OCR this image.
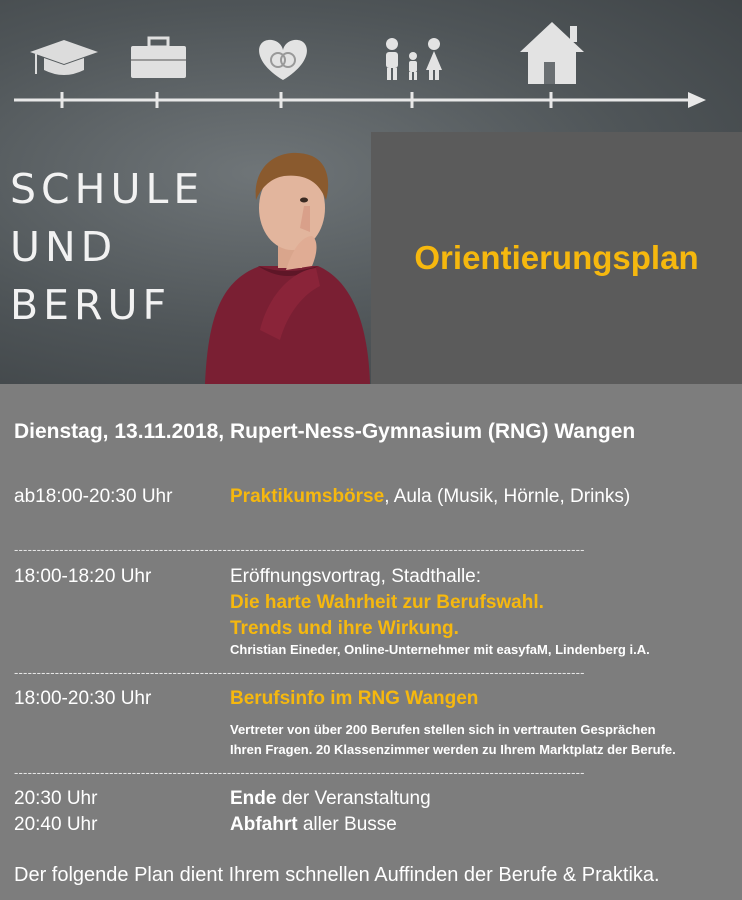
SCHULE
UND
BERUF
Orientierungsplan
Dienstag, 13.11.2018, Rupert-Ness-Gymnasium (RNG) Wangen
ab18:00-20:30 Uhr	Praktikumsbörse, Aula (Musik, Hörnle, Drinks)
------------------------------------------------------------------------------------------------------------------------------
18:00-18:20 Uhr	Eröffnungsvortrag, Stadthalle:
Die harte Wahrheit zur Berufswahl.
Trends und ihre Wirkung.
Christian Eineder, Online-Unternehmer mit easyfaM, Lindenberg i.A.
------------------------------------------------------------------------------------------------------------------------------
18:00-20:30 Uhr	Berufsinfo im RNG Wangen
Vertreter von über 200 Berufen stellen sich in vertrauten Gesprächen
Ihren Fragen. 20 Klassenzimmer werden zu Ihrem Marktplatz der Berufe.
------------------------------------------------------------------------------------------------------------------------------
20:30 Uhr	Ende der Veranstaltung
20:40 Uhr	Abfahrt aller Busse
Der folgende Plan dient Ihrem schnellen Auffinden der Berufe & Praktika.
